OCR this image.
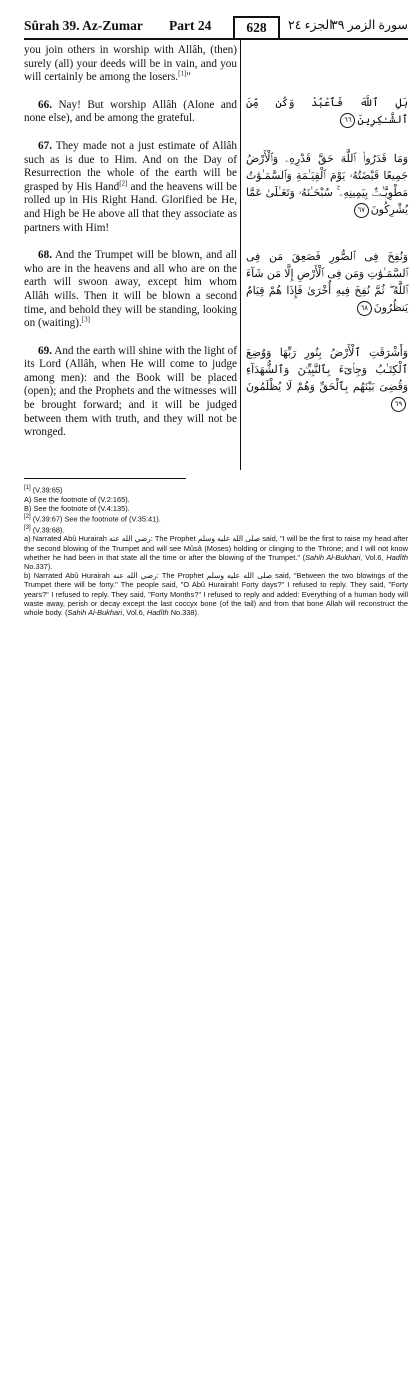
Sûrah 39. Az-Zumar Part 24	628	الجزء ٢٤
سورة الزمر ٣٩

you join others in worship with Allâh, (then) surely (all) your deeds will be in vain, and you will certainly be among the losers.[1]"

66. Nay! But worship Allâh (Alone and none else), and be among the grateful.

67. They made not a just estimate of Allâh such as is due to Him. And on the Day of Resurrection the whole of the earth will be grasped by His Hand[2] and the heavens will be rolled up in His Right Hand. Glorified be He, and High be He above all that they associate as partners with Him!

68. And the Trumpet will be blown, and all who are in the heavens and all who are on the earth will swoon away, except him whom Allâh wills. Then it will be blown a second time, and behold they will be standing, looking on (waiting).[3]

69. And the earth will shine with the light of its Lord (Allâh, when He will come to judge among men): and the Book will be placed (open); and the Prophets and the witnesses will be brought forward; and it will be judged between them with truth, and they will not be wronged.

بَلِ ٱللَّهَ فَٱعْبُدْ وَكُن مِّنَ ٱلشَّـٰكِرِينَ٦٦
وَمَا قَدَرُوا۟ ٱللَّهَ حَقَّ قَدْرِهِۦ وَٱلْأَرْضُ جَمِيعًا قَبْضَتُهُۥ يَوْمَ ٱلْقِيَـٰمَةِ وَٱلسَّمَـٰوَٰتُ مَطْوِيَّـٰتٌۢ بِيَمِينِهِۦ ۚ سُبْحَـٰنَهُۥ وَتَعَـٰلَىٰ عَمَّا يُشْرِكُونَ٦٧
وَنُفِخَ فِى ٱلصُّورِ فَصَعِقَ مَن فِى ٱلسَّمَـٰوَٰتِ وَمَن فِى ٱلْأَرْضِ إِلَّا مَن شَآءَ ٱللَّهُ ۖ ثُمَّ نُفِخَ فِيهِ أُخْرَىٰ فَإِذَا هُمْ قِيَامٌ يَنظُرُونَ٦٨
وَأَشْرَقَتِ ٱلْأَرْضُ بِنُورِ رَبِّهَا وَوُضِعَ ٱلْكِتَـٰبُ وَجِا۟ىٓءَ بِٱلنَّبِيِّـۧنَ وَٱلشُّهَدَآءِ وَقُضِىَ بَيْنَهُم بِٱلْحَقِّ وَهُمْ لَا يُظْلَمُونَ٦٩

[1] (V.39:65)

A) See the footnote of (V.2:165).

B) See the footnote of (V.4:135).

[2] (V.39:67) See the footnote of (V.35:41).

[3] (V.39:68).

a) Narrated Abû Hurairah رضي الله عنه: The Prophet صلى الله عليه وسلم said, "I will be the first to raise my head after the second blowing of the Trumpet and will see Mûsâ (Moses) holding or clinging to the Throne; and I will not know whether he had been in that state all the time or after the blowing of the Trumpet." (Sahih Al-Bukhari, Vol.6, Hadîth No.337).

b) Narrated Abû Hurairah رضي الله عنه: The Prophet صلى الله عليه وسلم said, "Between the two blowings of the Trumpet there will be forty." The people said, "O Abû Hurairah! Forty days?" I refused to reply. They said, "Forty years?" I refused to reply. They said, "Forty Months?" I refused to reply and added: Everything of a human body will waste away, perish or decay except the last coccyx bone (of the tail) and from that bone Allah will reconstruct the whole body. (Sahih Al-Bukhari, Vol.6, Hadîth No.338).
